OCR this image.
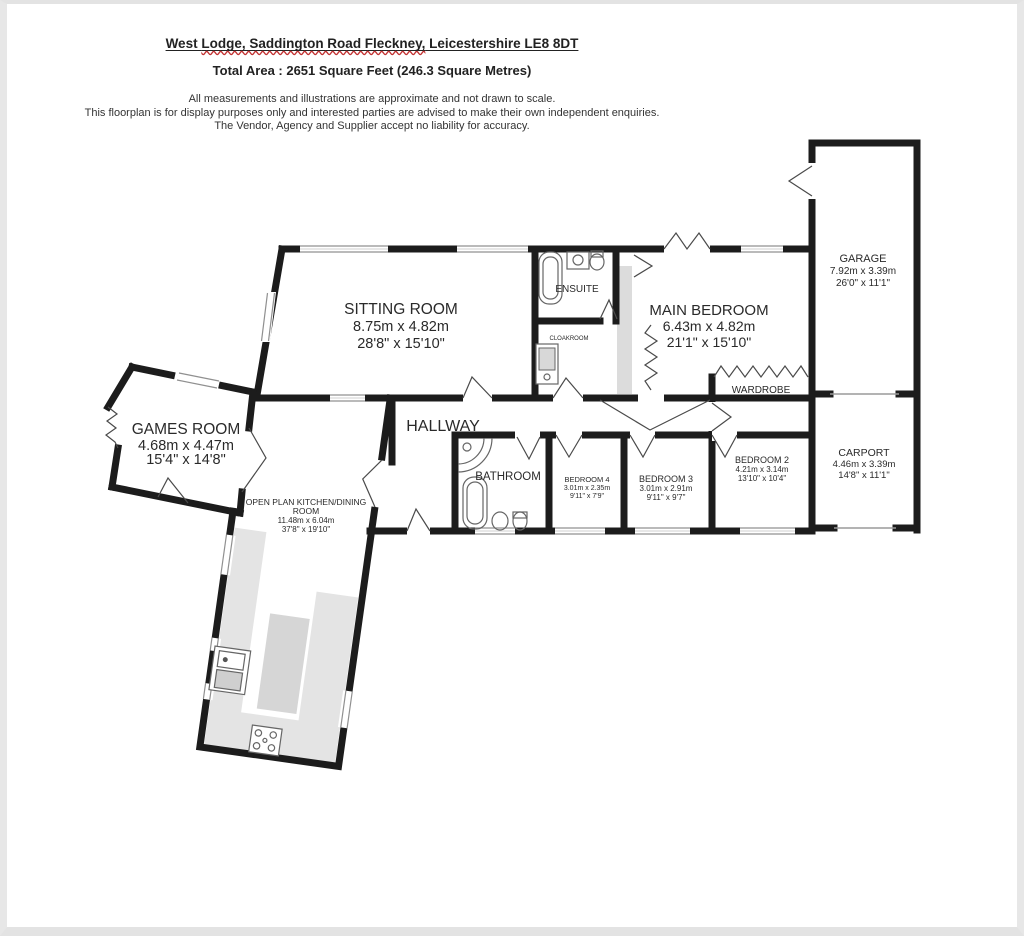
West Lodge, Saddington Road Fleckney, Leicestershire LE8 8DT
Total Area : 2651 Square Feet (246.3 Square Metres)
All measurements and illustrations are approximate and not drawn to scale.
This floorplan is for display purposes only and interested parties are advised to make their own independent enquiries.
The Vendor, Agency and Supplier accept no liability for accuracy.
SITTING ROOM
8.75m x 4.82m
28'8" x 15'10"
MAIN BEDROOM
6.43m x 4.82m
21'1" x 15'10"
GARAGE
7.92m x 3.39m
26'0" x 11'1"
CARPORT
4.46m x 3.39m
14'8" x 11'1"
GAMES ROOM
4.68m x 4.47m
15'4" x 14'8"
OPEN PLAN KITCHEN/DINING
ROOM
11.48m x 6.04m
37'8" x 19'10"
HALLWAY
BATHROOM
BEDROOM 2
4.21m x 3.14m
13'10" x 10'4"
BEDROOM 3
3.01m x 2.91m
9'11" x 9'7"
BEDROOM 4
3.01m x 2.35m
9'11" x 7'9"
ENSUITE
CLOAKROOM
WARDROBE
